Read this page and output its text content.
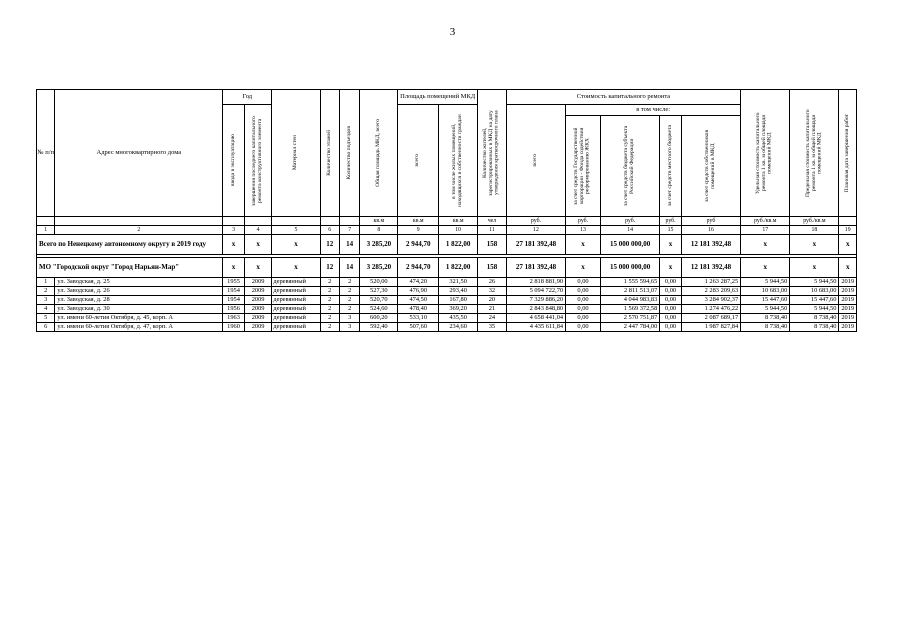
3
№ п/п	Адрес многоквартирного дома	Год		Материал стен	Количество этажей	Количество подъездов	Общая площадь МКД, всего	Площадь помещений МКД		Количество жителей, зарегистрированных в МКД на дату утверждения краткосрочного плана	Стоимость капитального ремонта					Удельная стоимость капитального ремонта 1 кв. м общей площади помещений МКД	Предельная стоимость капитального ремонта 1 кв. м общей площади помещений МКД	Плановая дата завершения работ

		ввода в эксплуатацию	завершения последнего капитального ремонта конструктивного элемента					всего	в том числе жилых помещений, находящихся в собственности граждан		всего	в том числе:						

												за счет средств Государственной корпорации - Фонда содействия реформированию ЖКХ	за счет средств бюджета субъекта Российской Федерации	за счет средств местного бюджета	за счет средств собственников помещений в МКД			

							кв.м	кв.м	кв.м	чел	руб.	руб.	руб.	руб.	руб	руб./кв.м	руб./кв.м	
1	2	3	4	5	6	7	8	9	10	11	12	13	14	15	16	17	18	19
Всего по Ненецкому автономному округу в 2019 году		х	х	х	12	14	3 285,20	2 944,70	1 822,00	158	27 181 392,48	х	15 000 000,00	х	12 181 392,48	х	х	х

МО "Городской округ "Город Нарьян-Мар"		х	х	х	12	14	3 285,20	2 944,70	1 822,00	158	27 181 392,48	х	15 000 000,00	х	12 181 392,48	х	х	х
1	ул. Заводская, д. 25	1955	2009	деревянный	2	2	520,00	474,20	321,50	26	2 818 881,90	0,00	1 555 594,65	0,00	1 263 287,25	5 944,50	5 944,50	2019
2	ул. Заводская, д. 26	1954	2009	деревянный	2	2	527,30	476,90	293,40	32	5 094 722,70	0,00	2 811 513,07	0,00	2 283 209,63	10 683,00	10 683,00	2019
3	ул. Заводская, д. 28	1954	2009	деревянный	2	2	520,70	474,50	167,80	20	7 329 886,20	0,00	4 044 983,83	0,00	3 284 902,37	15 447,60	15 447,60	2019
4	ул. Заводская, д. 30	1956	2009	деревянный	2	2	524,60	478,40	369,20	21	2 843 848,80	0,00	1 569 372,58	0,00	1 274 476,22	5 944,50	5 944,50	2019
5	ул. имени 60-летия Октября, д. 45, корп. А	1963	2009	деревянный	2	3	600,20	533,10	435,50	24	4 658 441,04	0,00	2 570 751,87	0,00	2 087 689,17	8 738,40	8 738,40	2019
6	ул. имени 60-летия Октября, д. 47, корп. А	1960	2009	деревянный	2	3	592,40	507,60	234,60	35	4 435 611,84	0,00	2 447 784,00	0,00	1 987 827,84	8 738,40	8 738,40	2019
